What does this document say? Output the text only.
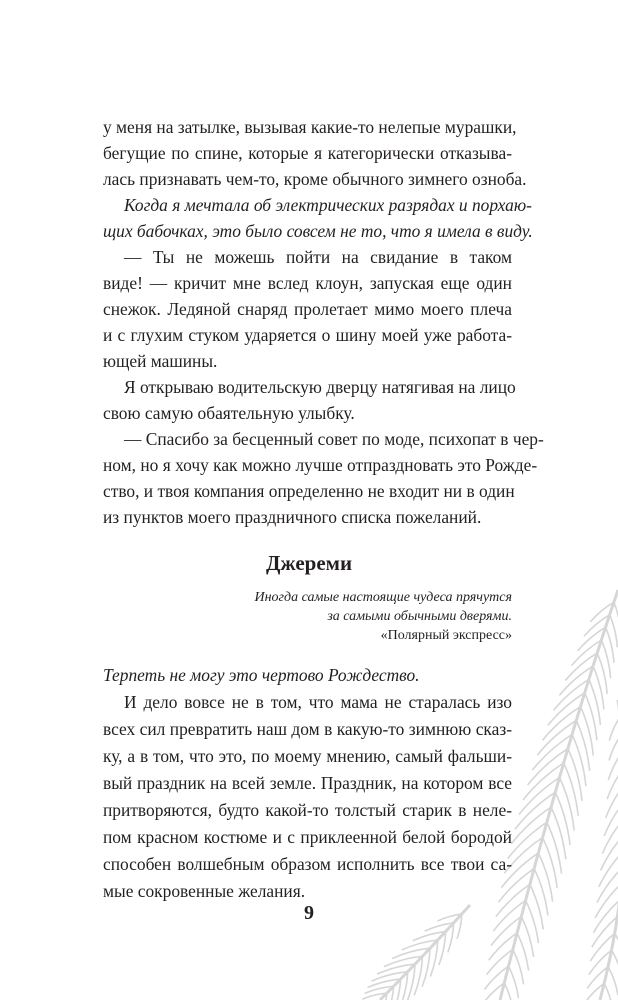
у меня на затылке, вызывая какие-то нелепые мурашки,
бегущие по спине, которые я категорически отказыва-
лась признавать чем-то, кроме обычного зимнего озноба.
Когда я мечтала об электрических разрядах и порхаю-
щих бабочках, это было совсем не то, что я имела в виду.
— Ты не можешь пойти на свидание в таком
виде! — кричит мне вслед клоун, запуская еще один
снежок. Ледяной снаряд пролетает мимо моего плеча
и с глухим стуком ударяется о шину моей уже работа-
ющей машины.
Я открываю водительскую дверцу натягивая на лицо
свою самую обаятельную улыбку.
— Спасибо за бесценный совет по моде, психопат в чер-
ном, но я хочу как можно лучше отпраздновать это Рожде-
ство, и твоя компания определенно не входит ни в один
из пунктов моего праздничного списка пожеланий.
Джереми
Иногда самые настоящие чудеса прячутся
за самыми обычными дверями.
«Полярный экспресс»
Терпеть не могу это чертово Рождество.
И дело вовсе не в том, что мама не старалась изо
всех сил превратить наш дом в какую-то зимнюю сказ-
ку, а в том, что это, по моему мнению, самый фальши-
вый праздник на всей земле. Праздник, на котором все
притворяются, будто какой-то толстый старик в неле-
пом красном костюме и с приклеенной белой бородой
способен волшебным образом исполнить все твои са-
мые сокровенные желания.
9
